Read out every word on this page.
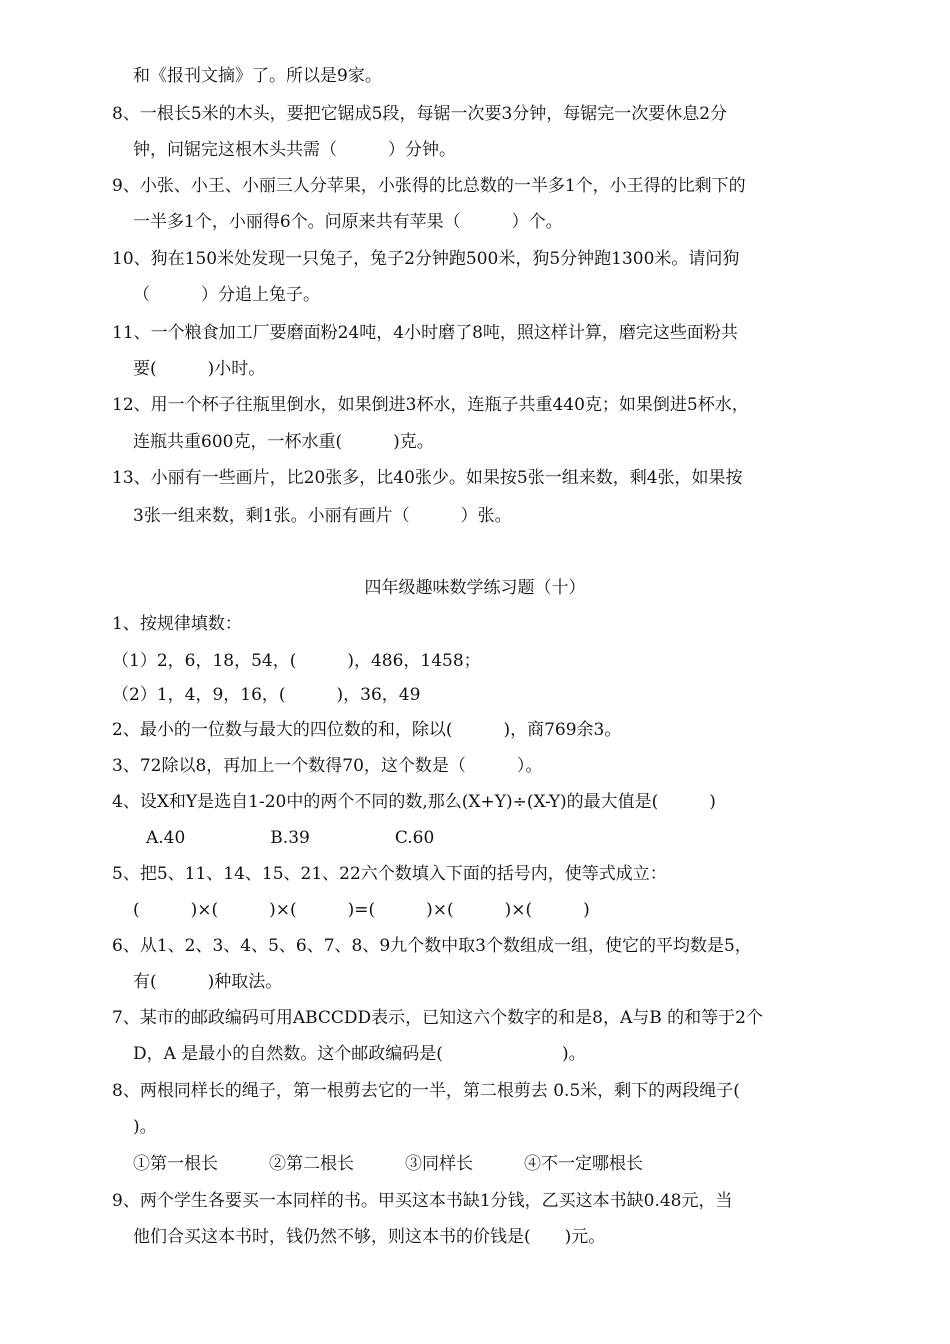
和《报刊文摘》了。所以是9家。
8、一根长5米的木头，要把它锯成5段，每锯一次要3分钟，每锯完一次要休息2分
钟，问锯完这根木头共需（　　　）分钟。
9、小张、小王、小丽三人分苹果，小张得的比总数的一半多1个，小王得的比剩下的
一半多1个，小丽得6个。问原来共有苹果（　　　）个。
10、狗在150米处发现一只兔子，兔子2分钟跑500米，狗5分钟跑1300米。请问狗
（　　　）分追上兔子。
11、一个粮食加工厂要磨面粉24吨，4小时磨了8吨，照这样计算，磨完这些面粉共
要(　　　)小时。
12、用一个杯子往瓶里倒水，如果倒进3杯水，连瓶子共重440克；如果倒进5杯水，
连瓶共重600克，一杯水重(　　　)克。
13、小丽有一些画片，比20张多，比40张少。如果按5张一组来数，剩4张，如果按
3张一组来数，剩1张。小丽有画片（　　　）张。
四年级趣味数学练习题（十）
1、按规律填数：
（1）2，6，18，54，(　　　)，486，1458；
（2）1，4，9，16，(　　　)，36，49
2、最小的一位数与最大的四位数的和，除以(　　　)，商769余3。
3、72除以8，再加上一个数得70，这个数是（　　　）。
4、设X和Y是选自1-20中的两个不同的数,那么(X+Y)÷(X-Y)的最大值是(　　　)
A.40　　　　　B.39　　　　　C.60
5、把5、11、14、15、21、22六个数填入下面的括号内，使等式成立：
(　　　)×(　　　)×(　　　)=(　　　)×(　　　)×(　　　)
6、从1、2、3、4、5、6、7、8、9九个数中取3个数组成一组，使它的平均数是5，
有(　　　)种取法。
7、某市的邮政编码可用ABCCDD表示，已知这六个数字的和是8，A与B 的和等于2个
D，A 是最小的自然数。这个邮政编码是(　　　　　　　)。
8、两根同样长的绳子，第一根剪去它的一半，第二根剪去 0.5米，剩下的两段绳子(
)。
①第一根长　　　②第二根长　　　③同样长　　　④不一定哪根长
9、两个学生各要买一本同样的书。甲买这本书缺1分钱，乙买这本书缺0.48元，当
他们合买这本书时，钱仍然不够，则这本书的价钱是(　　)元。
